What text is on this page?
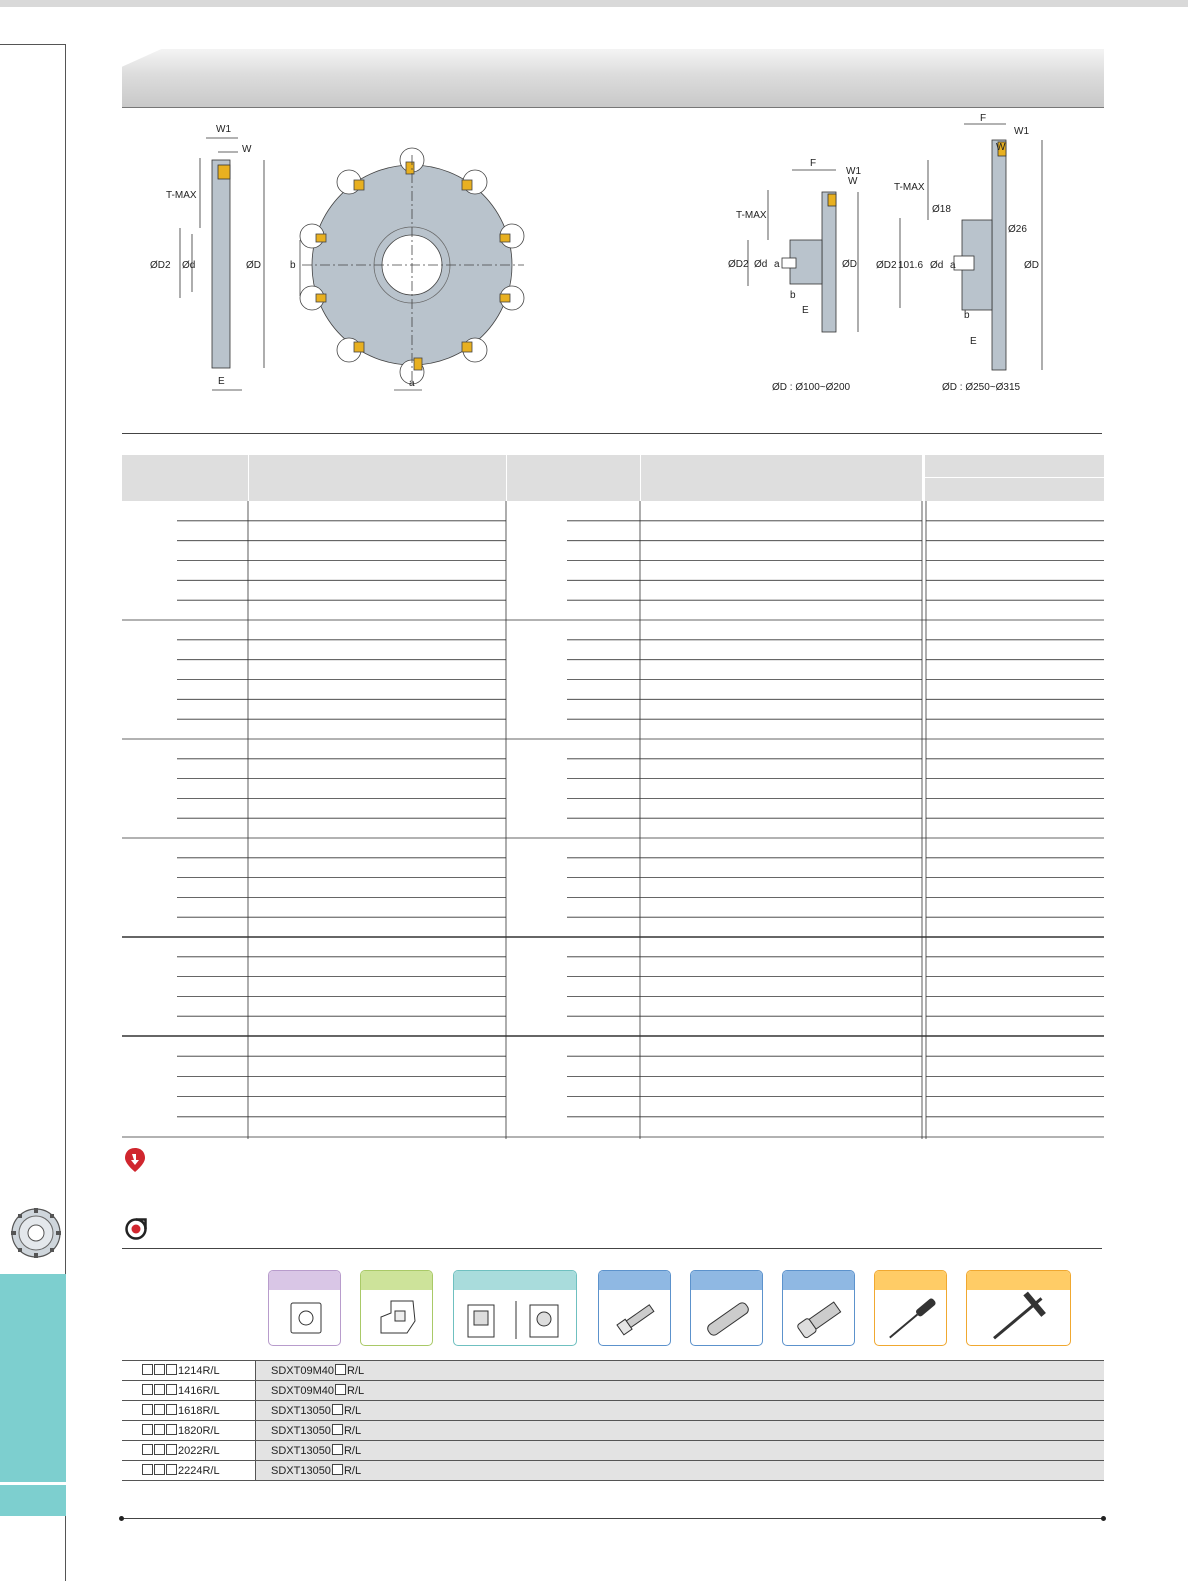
W1
W
T-MAX
ØD2 Ød	ØD
E
b
a
F
W1
W
T-MAX
ØD2 Ød a	ØD
b
E
ØD : Ø100~Ø200
F
W1
W
T-MAX
Ø18
Ø26
ØD2 101.6 Ød a	ØD
b
E
ØD : Ø250~Ø315
1214R/L	SDXT09M40 R/L
1416R/L	SDXT09M40 R/L
1618R/L	SDXT13050 R/L
1820R/L	SDXT13050 R/L
2022R/L	SDXT13050 R/L
2224R/L	SDXT13050 R/L
